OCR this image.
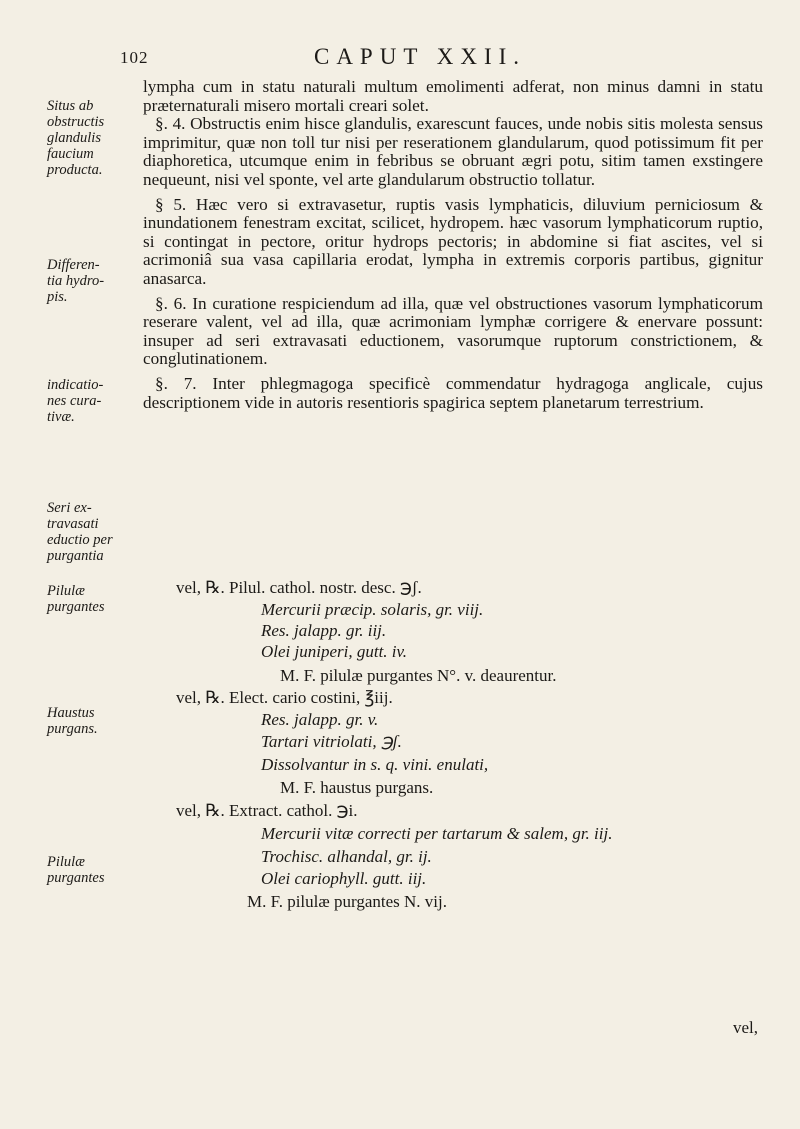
102	CAPUT XXII.
Situs ab
obstructis
glandulis
faucium
producta.
Differen-
tia hydro-
pis.
indicatio-
nes cura-
tivæ.
Seri ex-
travasati
eductio per
purgantia
Pilulæ
purgantes
Haustus
purgans.
Pilulæ
purgantes

lympha cum in statu naturali multum emolimenti adferat, non minus damni in statu præternaturali misero mortali creari solet.

§. 4. Obstructis enim hisce glandulis, exarescunt fauces, unde nobis sitis molesta sensus imprimitur, quæ non toll tur nisi per reserationem glandularum, quod potissimum fit per diaphoretica, utcumque enim in febribus se obruant ægri potu, sitim tamen exstingere nequeunt, nisi vel sponte, vel arte glandularum obstructio tollatur.

§ 5. Hæc vero si extravasetur, ruptis vasis lymphaticis, diluvium perniciosum & inundationem fenestram excitat, scilicet, hydropem. hæc vasorum lymphaticorum ruptio, si contingat in pectore, oritur hydrops pectoris; in abdomine si fiat ascites, vel si acrimoniâ sua vasa capillaria erodat, lympha in extremis corporis partibus, gignitur anasarca.

§. 6. In curatione respiciendum ad illa, quæ vel obstructiones vasorum lymphaticorum reserare valent, vel ad illa, quæ acrimoniam lymphæ corrigere & enervare possunt: insuper ad seri extravasati eductionem, vasorumque ruptorum constrictionem, & conglutinationem.

§. 7. Inter phlegmagoga specificè commendatur hydragoga anglicale, cujus descriptionem vide in autoris resentioris spagirica septem planetarum terrestrium.

vel, ℞. Pilul. cathol. nostr. desc. ℈ʃ.
Mercurii præcip. solaris, gr. viij.
Res. jalapp. gr. iij.
Olei juniperi, gutt. iv.
M. F. pilulæ purgantes N°. v. deaurentur.
vel, ℞. Elect. cario costini, ℥iij.
Res. jalapp. gr. v.
Tartari vitriolati, ℈ʃ.
Dissolvantur in s. q. vini. enulati,
M. F. haustus purgans.
vel, ℞. Extract. cathol. ℈i.
Mercurii vitæ correcti per tartarum & salem, gr. iij.
Trochisc. alhandal, gr. ij.
Olei cariophyll. gutt. iij.
M. F. pilulæ purgantes N. vij.
vel,
